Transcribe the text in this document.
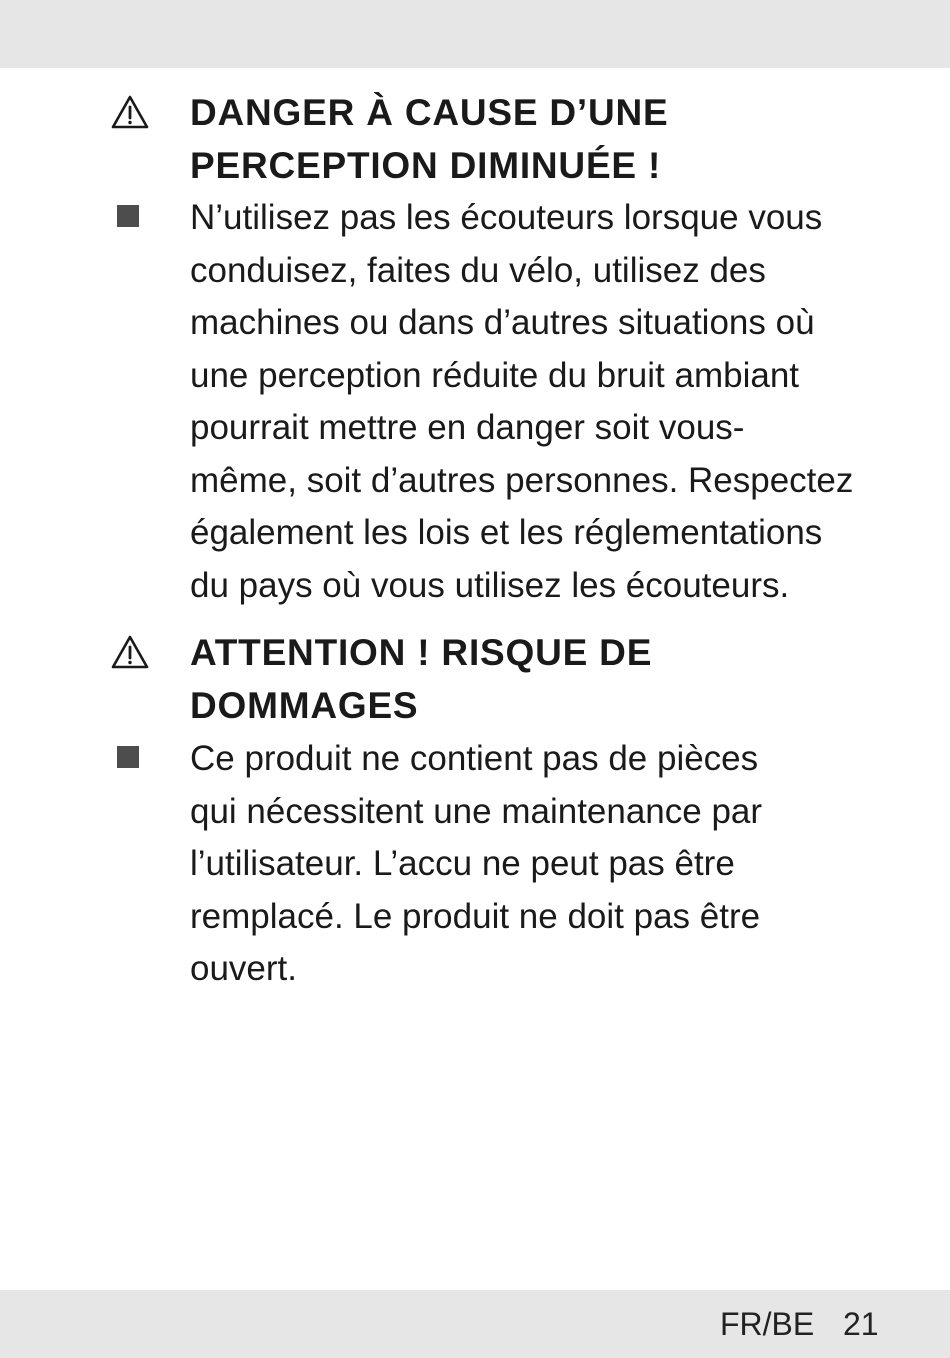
DANGER À CAUSE D’UNE
PERCEPTION DIMINUÉE !

N’utilisez pas les écouteurs lorsque vous
conduisez, faites du vélo, utilisez des
machines ou dans d’autres situations où
une perception réduite du bruit ambiant
pourrait mettre en danger soit vous-
même, soit d’autres personnes. Respectez
également les lois et les réglementations
du pays où vous utilisez les écouteurs.

ATTENTION ! RISQUE DE
DOMMAGES

Ce produit ne contient pas de pièces
qui nécessitent une maintenance par
l’utilisateur. L’accu ne peut pas être
remplacé. Le produit ne doit pas être
ouvert.

FR/BE 21
